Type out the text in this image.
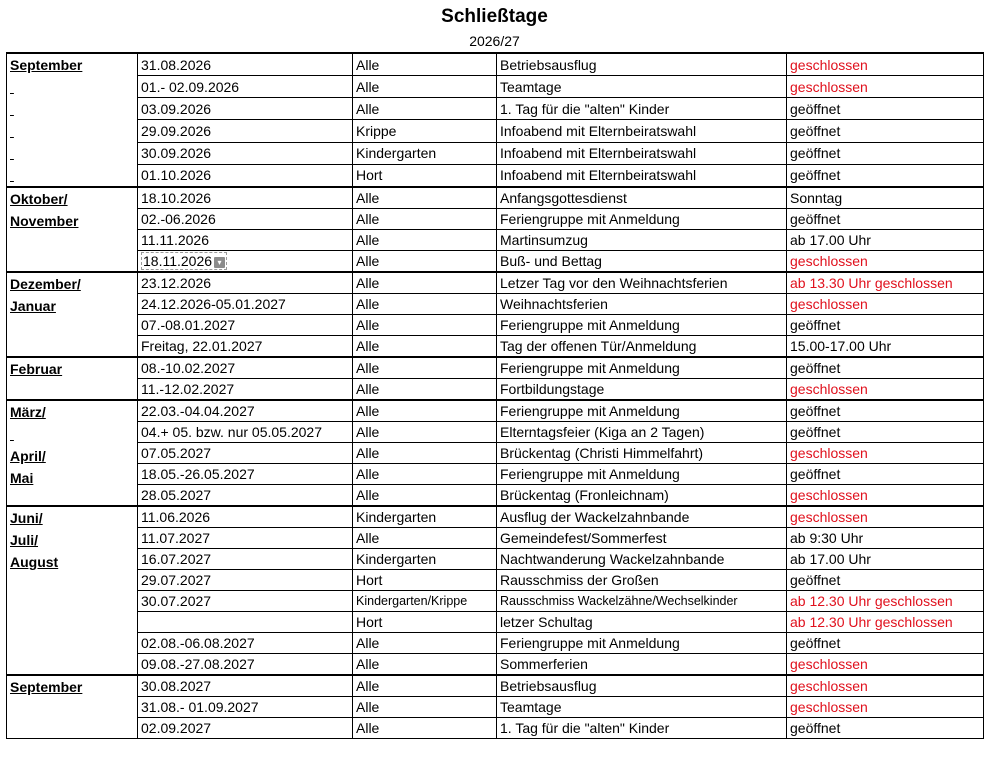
Schließtage
2026/27
September	31.08.2026	Alle	Betriebsausflug	geschlossen
	01.- 02.09.2026	Alle	Teamtage	geschlossen
	03.09.2026	Alle	1. Tag für die "alten" Kinder	geöffnet
	29.09.2026	Krippe	Infoabend mit Elternbeiratswahl	geöffnet
	30.09.2026	Kindergarten	Infoabend mit Elternbeiratswahl	geöffnet
	01.10.2026	Hort	Infoabend mit Elternbeiratswahl	geöffnet

Oktober/
November	18.10.2026	Alle	Anfangsgottesdienst	Sonntag
	02.-06.2026	Alle	Feriengruppe mit Anmeldung	geöffnet
	11.11.2026	Alle	Martinsumzug	ab 17.00 Uhr
	18.11.2026 ▾	Alle	Buß- und Bettag	geschlossen

Dezember/
Januar	23.12.2026	Alle	Letzer Tag vor den Weihnachtsferien	ab 13.30 Uhr geschlossen
	24.12.2026-05.01.2027	Alle	Weihnachtsferien	geschlossen
	07.-08.01.2027	Alle	Feriengruppe mit Anmeldung	geöffnet
	Freitag, 22.01.2027	Alle	Tag der offenen Tür/Anmeldung	15.00-17.00 Uhr

Februar	08.-10.02.2027	Alle	Feriengruppe mit Anmeldung	geöffnet
	11.-12.02.2027	Alle	Fortbildungstage	geschlossen

März/

April/
Mai	22.03.-04.04.2027	Alle	Feriengruppe mit Anmeldung	geöffnet
	04.+ 05. bzw. nur 05.05.2027	Alle	Elterntagsfeier (Kiga an 2 Tagen)	geöffnet
	07.05.2027	Alle	Brückentag (Christi Himmelfahrt)	geschlossen
	18.05.-26.05.2027	Alle	Feriengruppe mit Anmeldung	geöffnet
	28.05.2027	Alle	Brückentag (Fronleichnam)	geschlossen

Juni/
Juli/
August	11.06.2026	Kindergarten	Ausflug der Wackelzahnbande	geschlossen
	11.07.2027	Alle	Gemeindefest/Sommerfest	ab 9:30 Uhr
	16.07.2027	Kindergarten	Nachtwanderung Wackelzahnbande	ab 17.00 Uhr
	29.07.2027	Hort	Rausschmiss der Großen	geöffnet
	30.07.2027	Kindergarten/Krippe	Rausschmiss Wackelzähne/Wechselkinder	ab 12.30 Uhr geschlossen
		Hort	letzer Schultag	ab 12.30 Uhr geschlossen
	02.08.-06.08.2027	Alle	Feriengruppe mit Anmeldung	geöffnet
	09.08.-27.08.2027	Alle	Sommerferien	geschlossen

September	30.08.2027	Alle	Betriebsausflug	geschlossen
	31.08.- 01.09.2027	Alle	Teamtage	geschlossen
	02.09.2027	Alle	1. Tag für die "alten" Kinder	geöffnet
